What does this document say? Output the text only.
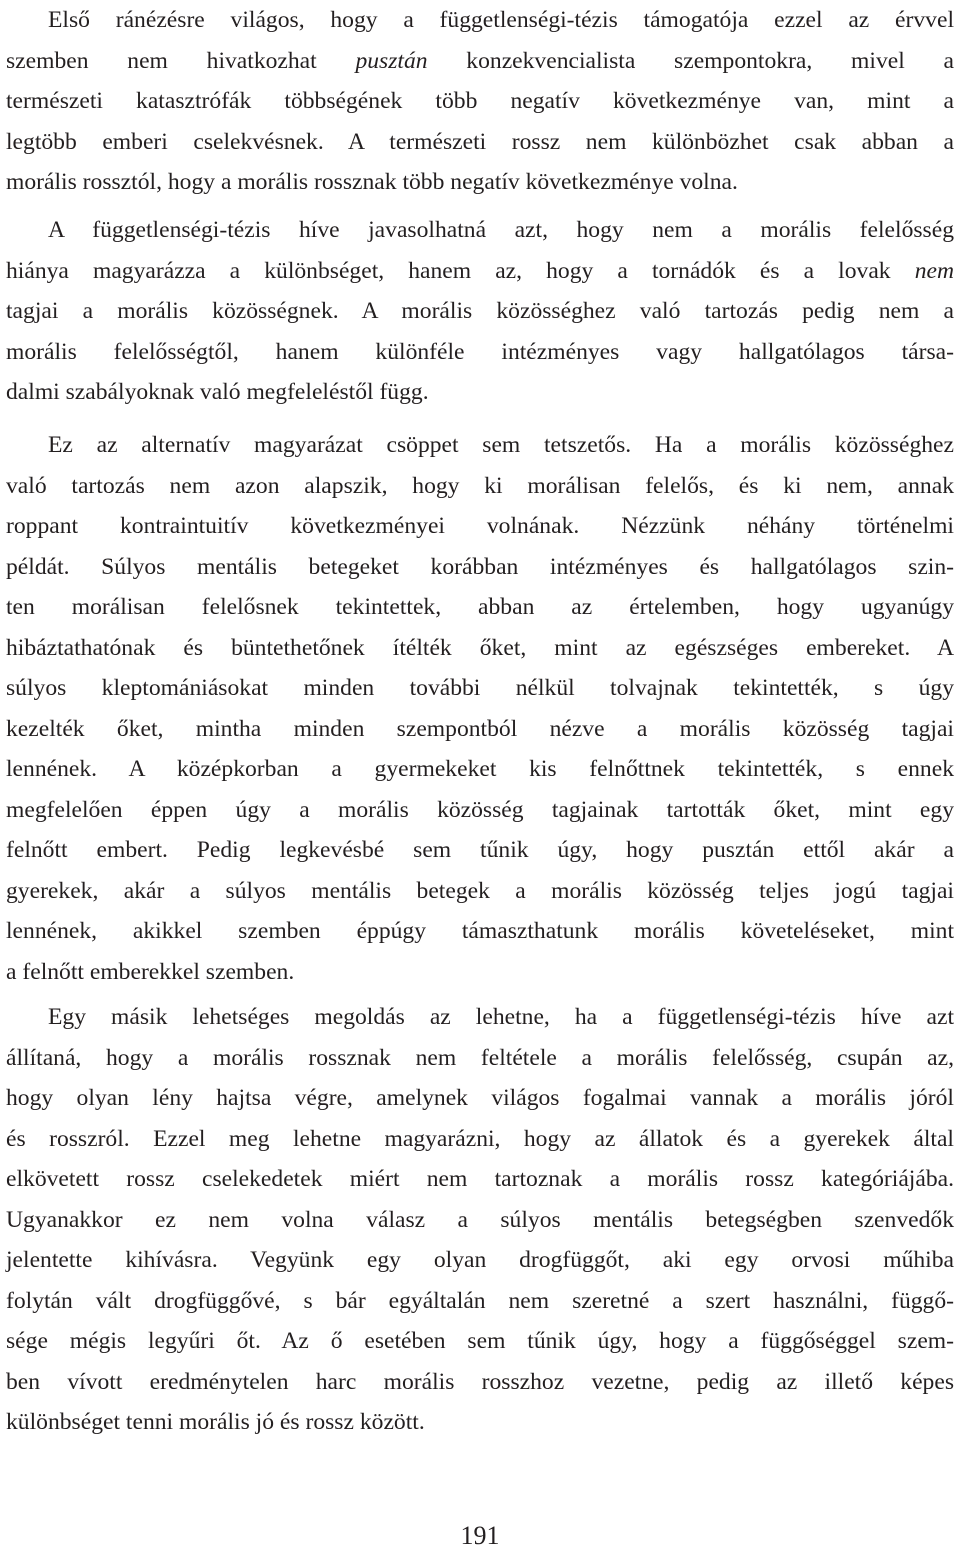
Első ránézésre világos, hogy a függetlenségi-tézis támogatója ezzel az érvvel
szemben nem hivatkozhat pusztán konzekvencialista szempontokra, mivel a
természeti katasztrófák többségének több negatív következménye van, mint a
legtöbb emberi cselekvésnek. A természeti rossz nem különbözhet csak abban a
morális rossztól, hogy a morális rossznak több negatív következménye volna.
A függetlenségi-tézis híve javasolhatná azt, hogy nem a morális felelősség
hiánya magyarázza a különbséget, hanem az, hogy a tornádók és a lovak nem
tagjai a morális közösségnek. A morális közösséghez való tartozás pedig nem a
morális felelősségtől, hanem különféle intézményes vagy hallgatólagos társa-
dalmi szabályoknak való megfeleléstől függ.
Ez az alternatív magyarázat csöppet sem tetszetős. Ha a morális közösséghez
való tartozás nem azon alapszik, hogy ki morálisan felelős, és ki nem, annak
roppant kontraintuitív következményei volnának. Nézzünk néhány történelmi
példát. Súlyos mentális betegeket korábban intézményes és hallgatólagos szin-
ten morálisan felelősnek tekintettek, abban az értelemben, hogy ugyanúgy
hibáztathatónak és büntethetőnek ítélték őket, mint az egészséges embereket. A
súlyos kleptomániásokat minden további nélkül tolvajnak tekintették, s úgy
kezelték őket, mintha minden szempontból nézve a morális közösség tagjai
lennének. A középkorban a gyermekeket kis felnőttnek tekintették, s ennek
megfelelően éppen úgy a morális közösség tagjainak tartották őket, mint egy
felnőtt embert. Pedig legkevésbé sem tűnik úgy, hogy pusztán ettől akár a
gyerekek, akár a súlyos mentális betegek a morális közösség teljes jogú tagjai
lennének, akikkel szemben éppúgy támaszthatunk morális követeléseket, mint
a felnőtt emberekkel szemben.
Egy másik lehetséges megoldás az lehetne, ha a függetlenségi-tézis híve azt
állítaná, hogy a morális rossznak nem feltétele a morális felelősség, csupán az,
hogy olyan lény hajtsa végre, amelynek világos fogalmai vannak a morális jóról
és rosszról. Ezzel meg lehetne magyarázni, hogy az állatok és a gyerekek által
elkövetett rossz cselekedetek miért nem tartoznak a morális rossz kategóriájába.
Ugyanakkor ez nem volna válasz a súlyos mentális betegségben szenvedők
jelentette kihívásra. Vegyünk egy olyan drogfüggőt, aki egy orvosi műhiba
folytán vált drogfüggővé, s bár egyáltalán nem szeretné a szert használni, függő-
sége mégis legyűri őt. Az ő esetében sem tűnik úgy, hogy a függőséggel szem-
ben vívott eredménytelen harc morális rosszhoz vezetne, pedig az illető képes
különbséget tenni morális jó és rossz között.
191
